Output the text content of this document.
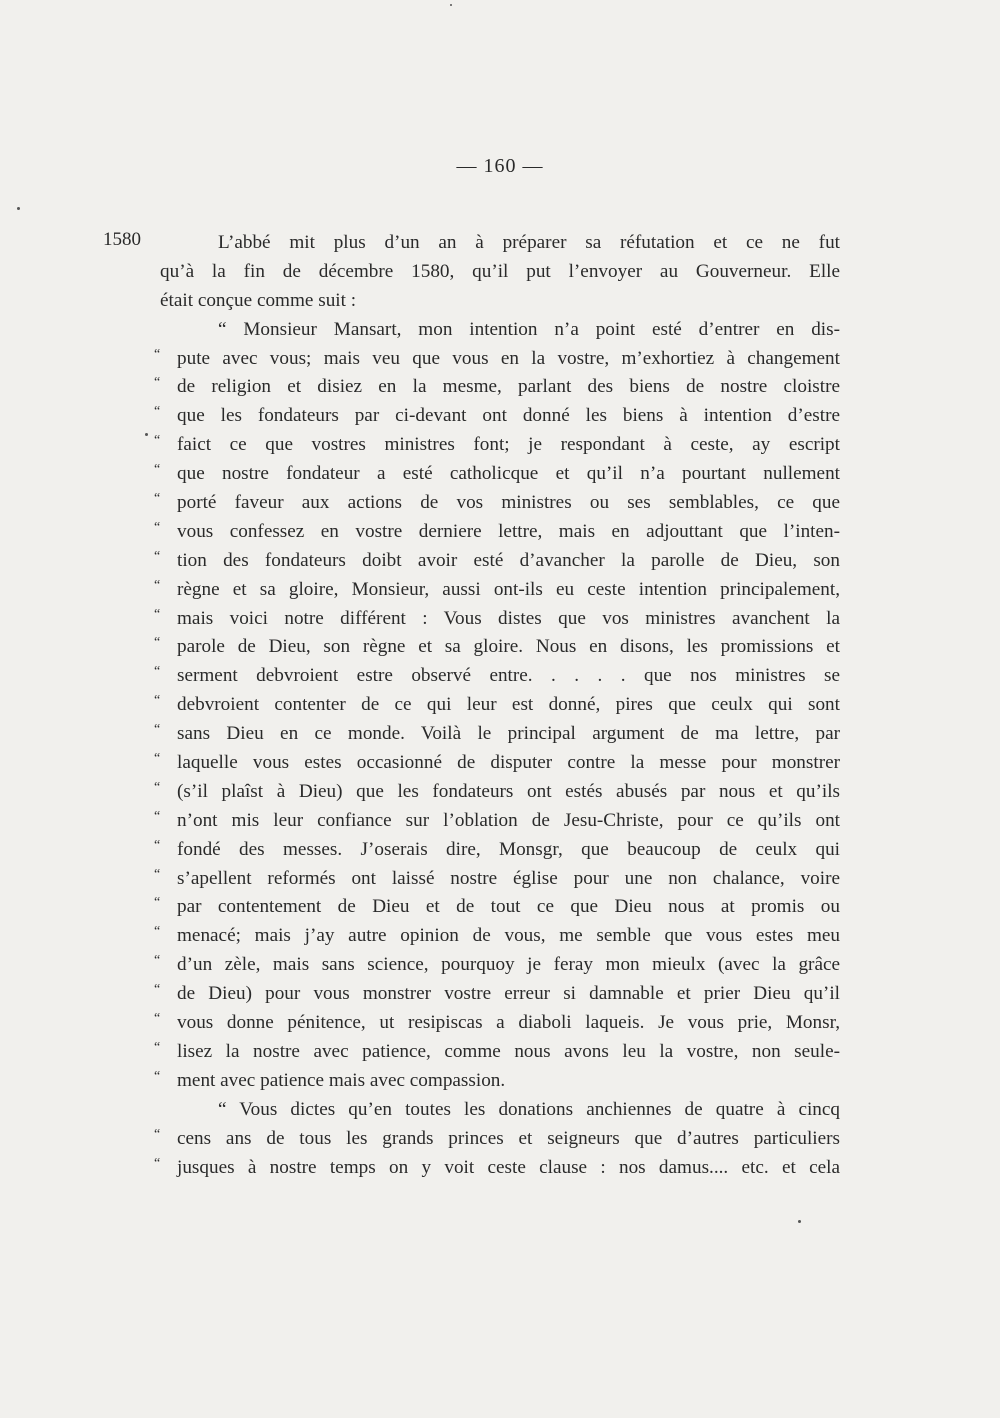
— 160 —
1580	L’abbé mit plus d’un an à préparer sa réfutation et ce ne fut
qu’à la fin de décembre 1580, qu’il put l’envoyer au Gouverneur. Elle
était conçue comme suit :
“ Monsieur Mansart, mon intention n’a point esté d’entrer en dis-
“ pute avec vous; mais veu que vous en la vostre, m’exhortiez à changement
“ de religion et disiez en la mesme, parlant des biens de nostre cloistre
“ que les fondateurs par ci-devant ont donné les biens à intention d’estre
“ faict ce que vostres ministres font; je respondant à ceste, ay escript
“ que nostre fondateur a esté catholicque et qu’il n’a pourtant nullement
“ porté faveur aux actions de vos ministres ou ses semblables, ce que
“ vous confessez en vostre derniere lettre, mais en adjouttant que l’inten-
“ tion des fondateurs doibt avoir esté d’avancher la parolle de Dieu, son
“ règne et sa gloire, Monsieur, aussi ont-ils eu ceste intention principalement,
“ mais voici notre différent : Vous distes que vos ministres avanchent la
“ parole de Dieu, son règne et sa gloire. Nous en disons, les promissions et
“ serment debvroient estre observé entre. . . . . que nos ministres se
“ debvroient contenter de ce qui leur est donné, pires que ceulx qui sont
“ sans Dieu en ce monde. Voilà le principal argument de ma lettre, par
“ laquelle vous estes occasionné de disputer contre la messe pour monstrer
“ (s’il plaîst à Dieu) que les fondateurs ont estés abusés par nous et qu’ils
“ n’ont mis leur confiance sur l’oblation de Jesu-Christe, pour ce qu’ils ont
“ fondé des messes. J’oserais dire, Monsgr, que beaucoup de ceulx qui
“ s’apellent reformés ont laissé nostre église pour une non chalance, voire
“ par contentement de Dieu et de tout ce que Dieu nous at promis ou
“ menacé; mais j’ay autre opinion de vous, me semble que vous estes meu
“ d’un zèle, mais sans science, pourquoy je feray mon mieulx (avec la grâce
“ de Dieu) pour vous monstrer vostre erreur si damnable et prier Dieu qu’il
“ vous donne pénitence, ut resipiscas a diaboli laqueis. Je vous prie, Monsr,
“ lisez la nostre avec patience, comme nous avons leu la vostre, non seule-
“ ment avec patience mais avec compassion.
“ Vous dictes qu’en toutes les donations anchiennes de quatre à cincq
“ cens ans de tous les grands princes et seigneurs que d’autres particuliers
“ jusques à nostre temps on y voit ceste clause : nos damus.... etc. et cela
